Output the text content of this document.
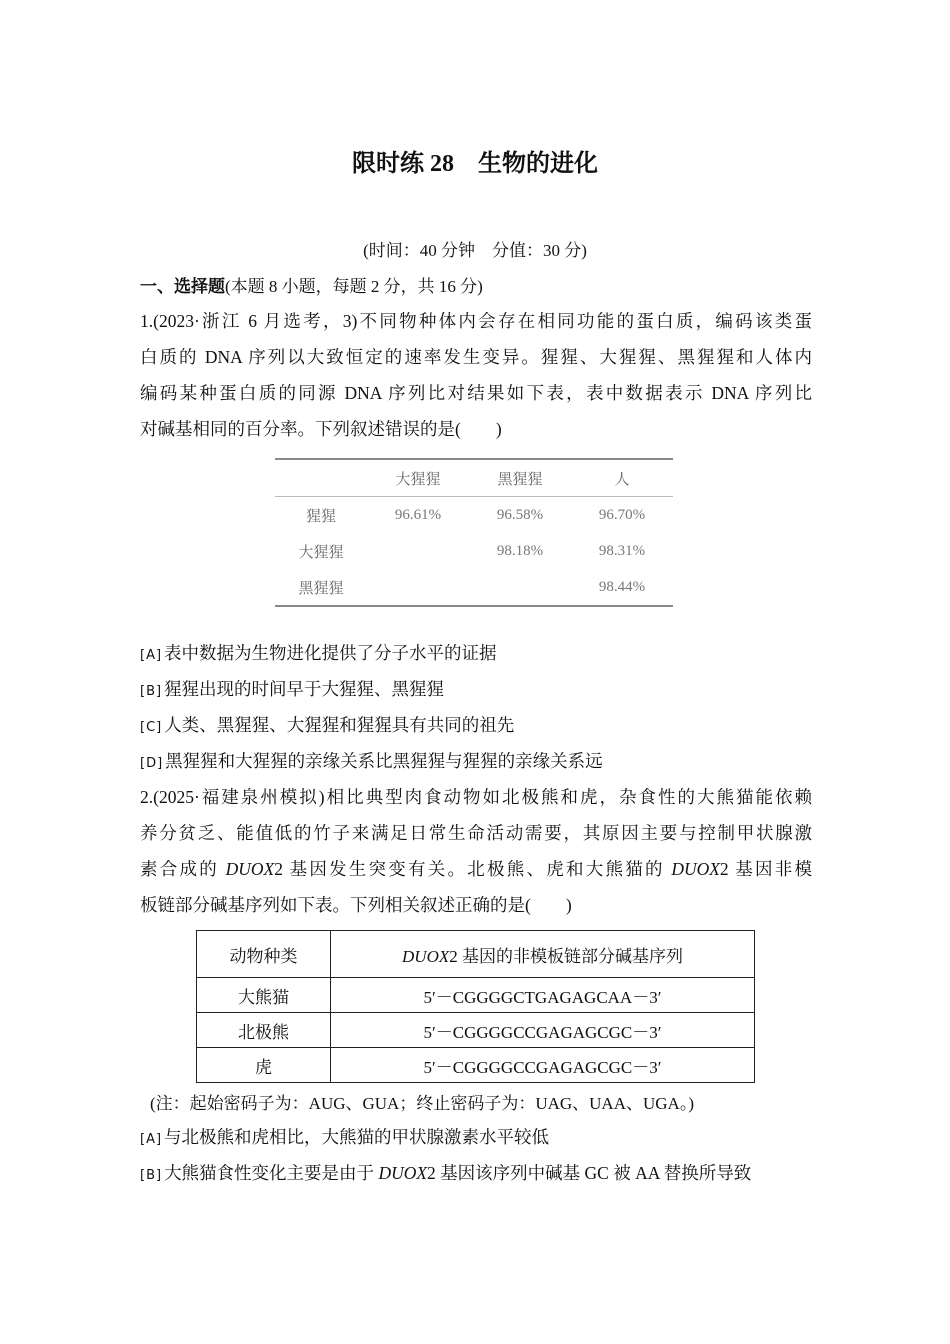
限时练 28 生物的进化
(时间：40 分钟　分值：30 分)
一、选择题(本题 8 小题，每题 2 分，共 16 分)
1.(2023·浙江 6 月选考，3)不同物种体内会存在相同功能的蛋白质，编码该类蛋
白质的 DNA 序列以大致恒定的速率发生变异。猩猩、大猩猩、黑猩猩和人体内
编码某种蛋白质的同源 DNA 序列比对结果如下表，表中数据表示 DNA 序列比
对碱基相同的百分率。下列叙述错误的是(　　)
	大猩猩	黑猩猩	人
猩猩	96.61%	96.58%	96.70%
大猩猩		98.18%	98.31%
黑猩猩			98.44%
[A] 表中数据为生物进化提供了分子水平的证据
[B] 猩猩出现的时间早于大猩猩、黑猩猩
[C] 人类、黑猩猩、大猩猩和猩猩具有共同的祖先
[D] 黑猩猩和大猩猩的亲缘关系比黑猩猩与猩猩的亲缘关系远
2.(2025·福建泉州模拟)相比典型肉食动物如北极熊和虎，杂食性的大熊猫能依赖
养分贫乏、能值低的竹子来满足日常生命活动需要，其原因主要与控制甲状腺激
素合成的 DUOX2 基因发生突变有关。北极熊、虎和大熊猫的 DUOX2 基因非模
板链部分碱基序列如下表。下列相关叙述正确的是(　　)
动物种类	DUOX2 基因的非模板链部分碱基序列
大熊猫	5′－CGGGGCTGAGAGCAA－3′
北极熊	5′－CGGGGCCGAGAGCGC－3′
虎	5′－CGGGGCCGAGAGCGC－3′
(注：起始密码子为：AUG、GUA；终止密码子为：UAG、UAA、UGA。)
[A] 与北极熊和虎相比，大熊猫的甲状腺激素水平较低
[B] 大熊猫食性变化主要是由于 DUOX2 基因该序列中碱基 GC 被 AA 替换所导致
